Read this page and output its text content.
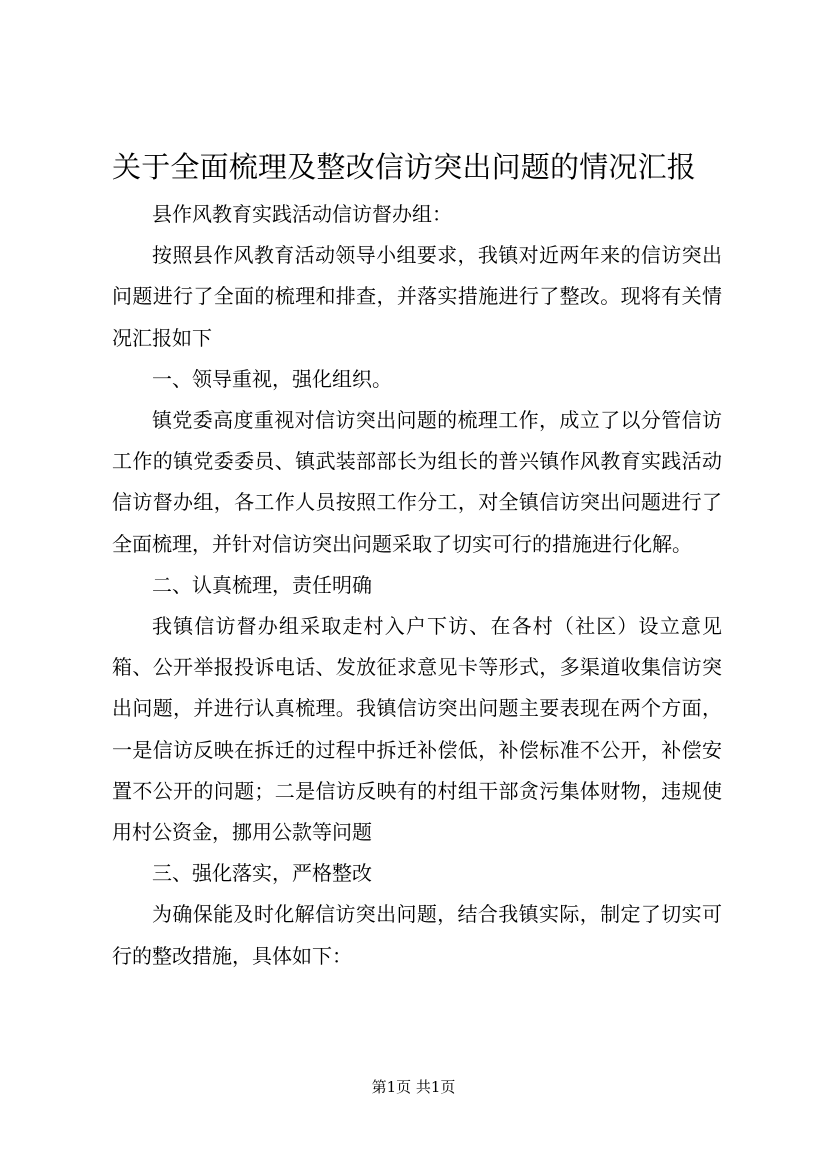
关于全面梳理及整改信访突出问题的情况汇报

县作风教育实践活动信访督办组：

按照县作风教育活动领导小组要求，我镇对近两年来的信访突出问题进行了全面的梳理和排查，并落实措施进行了整改。现将有关情况汇报如下

一、领导重视，强化组织。

镇党委高度重视对信访突出问题的梳理工作，成立了以分管信访工作的镇党委委员、镇武装部部长为组长的普兴镇作风教育实践活动信访督办组，各工作人员按照工作分工，对全镇信访突出问题进行了全面梳理，并针对信访突出问题采取了切实可行的措施进行化解。

二、认真梳理，责任明确

我镇信访督办组采取走村入户下访、在各村（社区）设立意见箱、公开举报投诉电话、发放征求意见卡等形式，多渠道收集信访突出问题，并进行认真梳理。我镇信访突出问题主要表现在两个方面，一是信访反映在拆迁的过程中拆迁补偿低，补偿标准不公开，补偿安置不公开的问题；二是信访反映有的村组干部贪污集体财物，违规使用村公资金，挪用公款等问题

三、强化落实，严格整改

为确保能及时化解信访突出问题，结合我镇实际，制定了切实可行的整改措施，具体如下：

第1页 共1页
